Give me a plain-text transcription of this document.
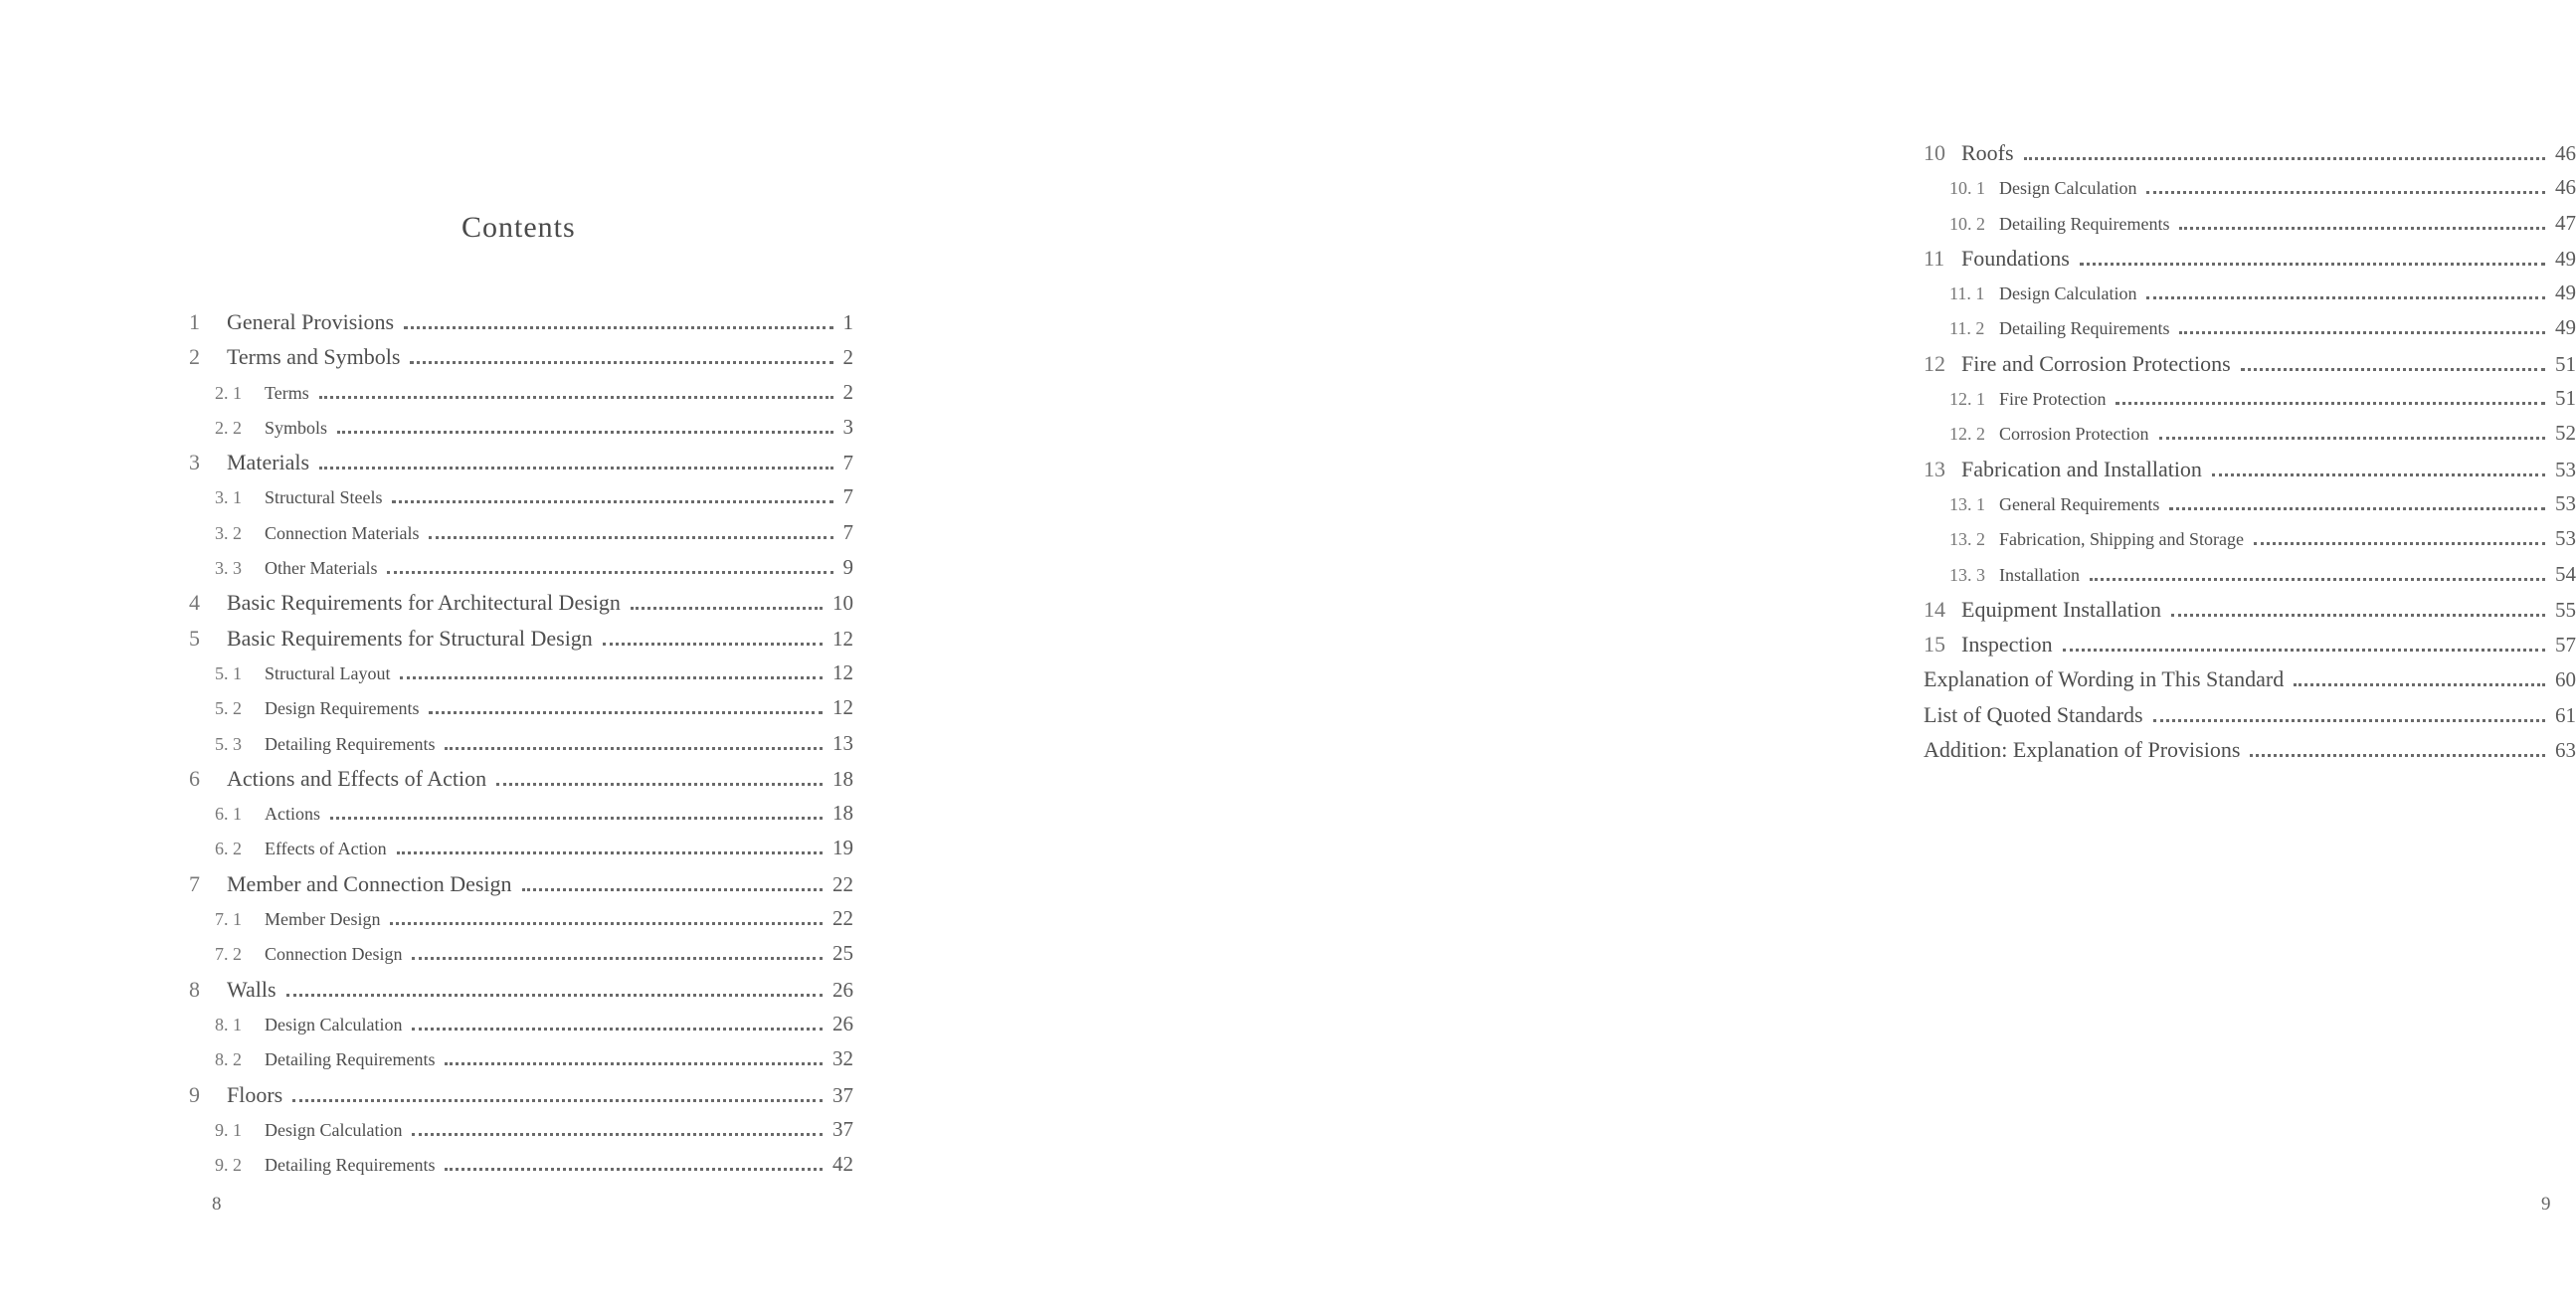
Contents
1	General Provisions	1
2	Terms and Symbols	2
2. 1	Terms	2
2. 2	Symbols	3
3	Materials	7
3. 1	Structural Steels	7
3. 2	Connection Materials	7
3. 3	Other Materials	9
4	Basic Requirements for Architectural Design	10
5	Basic Requirements for Structural Design	12
5. 1	Structural Layout	12
5. 2	Design Requirements	12
5. 3	Detailing Requirements	13
6	Actions and Effects of Action	18
6. 1	Actions	18
6. 2	Effects of Action	19
7	Member and Connection Design	22
7. 1	Member Design	22
7. 2	Connection Design	25
8	Walls	26
8. 1	Design Calculation	26
8. 2	Detailing Requirements	32
9	Floors	37
9. 1	Design Calculation	37
9. 2	Detailing Requirements	42
8
10 Roofs	46
10. 1 Design Calculation	46
10. 2 Detailing Requirements	47
11 Foundations	49
11. 1 Design Calculation	49
11. 2 Detailing Requirements	49
12 Fire and Corrosion Protections	51
12. 1 Fire Protection	51
12. 2 Corrosion Protection	52
13 Fabrication and Installation	53
13. 1 General Requirements	53
13. 2 Fabrication, Shipping and Storage	53
13. 3 Installation	54
14 Equipment Installation	55
15 Inspection	57
Explanation of Wording in This Standard	60
List of Quoted Standards	61
Addition: Explanation of Provisions	63
9
